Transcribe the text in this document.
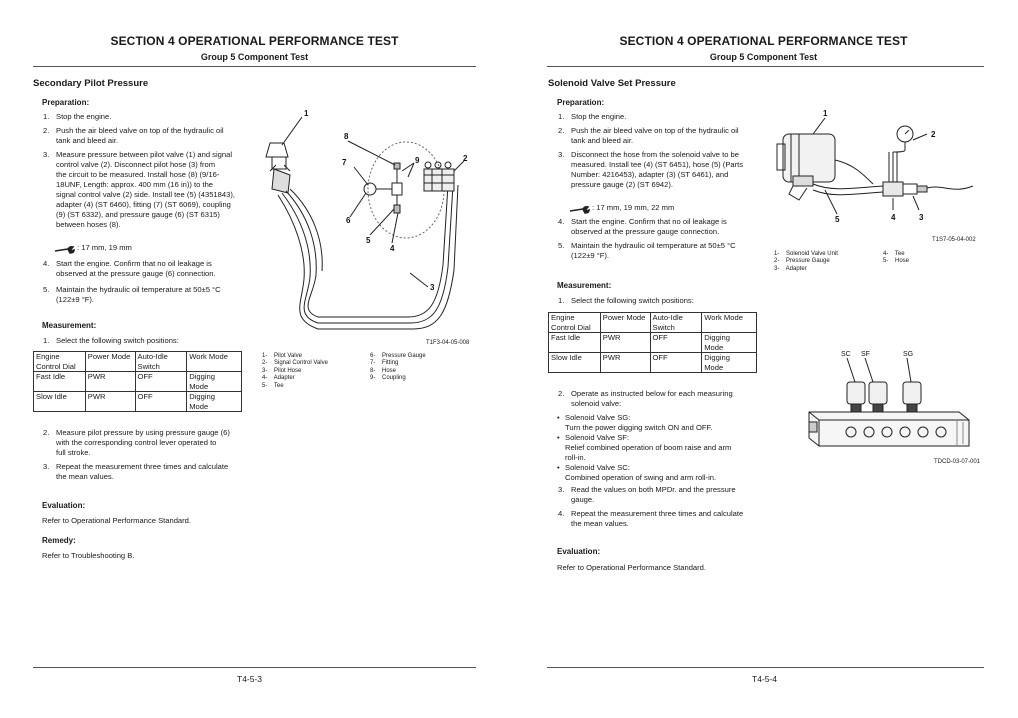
SECTION 4 OPERATIONAL PERFORMANCE TEST
Group 5 Component Test
Secondary Pilot Pressure
Preparation:
1. Stop the engine.
2. Push the air bleed valve on top of the hydraulic oil
tank and bleed air.
3. Measure pressure between pilot valve (1) and signal
control valve (2). Disconnect pilot hose (3) from
the circuit to be measured. Install hose (8) (9/16-
18UNF, Length: approx. 400 mm (16 in)) to the
signal control valve (2) side. Install tee (5) (4351843),
adapter (4) (ST 6460), fitting (7) (ST 6069), coupling
(9) (ST 6332), and pressure gauge (6) (ST 6315)
between hoses (8).
: 17 mm, 19 mm
4. Start the engine. Confirm that no oil leakage is
observed at the pressure gauge (6) connection.
5. Maintain the hydraulic oil temperature at 50±5 °C
(122±9 °F).
Measurement:
1. Select the following switch positions:
Engine
Control Dial	Power Mode	Auto-Idle
Switch	Work Mode

Fast Idle	PWR	OFF	Digging
Mode

Slow Idle	PWR	OFF	Digging
Mode
2. Measure pilot pressure by using pressure gauge (6)
with the corresponding control lever operated to
full stroke.
3. Repeat the measurement three times and calculate
the mean values.
Evaluation:
Refer to Operational Performance Standard.
Remedy:
Refer to Troubleshooting B.
1
2
3
4
5
6
7
8
9
T1F3-04-05-008
1-    Pilot Valve
2-    Signal Control Valve
3-    Pilot Hose
4-    Adapter
5-    Tee
6-    Pressure Gauge
7-    Fitting
8-    Hose
9-    Coupling
T4-5-3
SECTION 4 OPERATIONAL PERFORMANCE TEST
Group 5 Component Test
Solenoid Valve Set Pressure
Preparation:
1. Stop the engine.
2. Push the air bleed valve on top of the hydraulic oil
tank and bleed air.
3. Disconnect the hose from the solenoid valve to be
measured. Install tee (4) (ST 6451), hose (5) (Parts
Number: 4216453), adapter (3) (ST 6461), and
pressure gauge (2) (ST 6942).
: 17 mm, 19 mm, 22 mm
4. Start the engine. Confirm that no oil leakage is
observed at the pressure gauge connection.
5. Maintain the hydraulic oil temperature at 50±5 °C
(122±9 °F).
Measurement:
1. Select the following switch positions:
Engine
Control Dial	Power Mode	Auto-Idle
Switch	Work Mode

Fast Idle	PWR	OFF	Digging
Mode

Slow Idle	PWR	OFF	Digging
Mode
2. Operate as instructed below for each measuring
solenoid valve:
• Solenoid Valve SG:
Turn the power digging switch ON and OFF.
• Solenoid Valve SF:
Relief combined operation of boom raise and arm
roll-in.
• Solenoid Valve SC:
Combined operation of swing and arm roll-in.
3. Read the values on both MPDr. and the pressure
gauge.
4. Repeat the measurement three times and calculate
the mean values.
Evaluation:
Refer to Operational Performance Standard.
1
2
3
4
5
T1S7-05-04-002
1-    Solenoid Valve Unit
2-    Pressure Gauge
3-    Adapter
4-    Tee
5-    Hose
SC SF	SG
TDCD-03-07-001
T4-5-4
